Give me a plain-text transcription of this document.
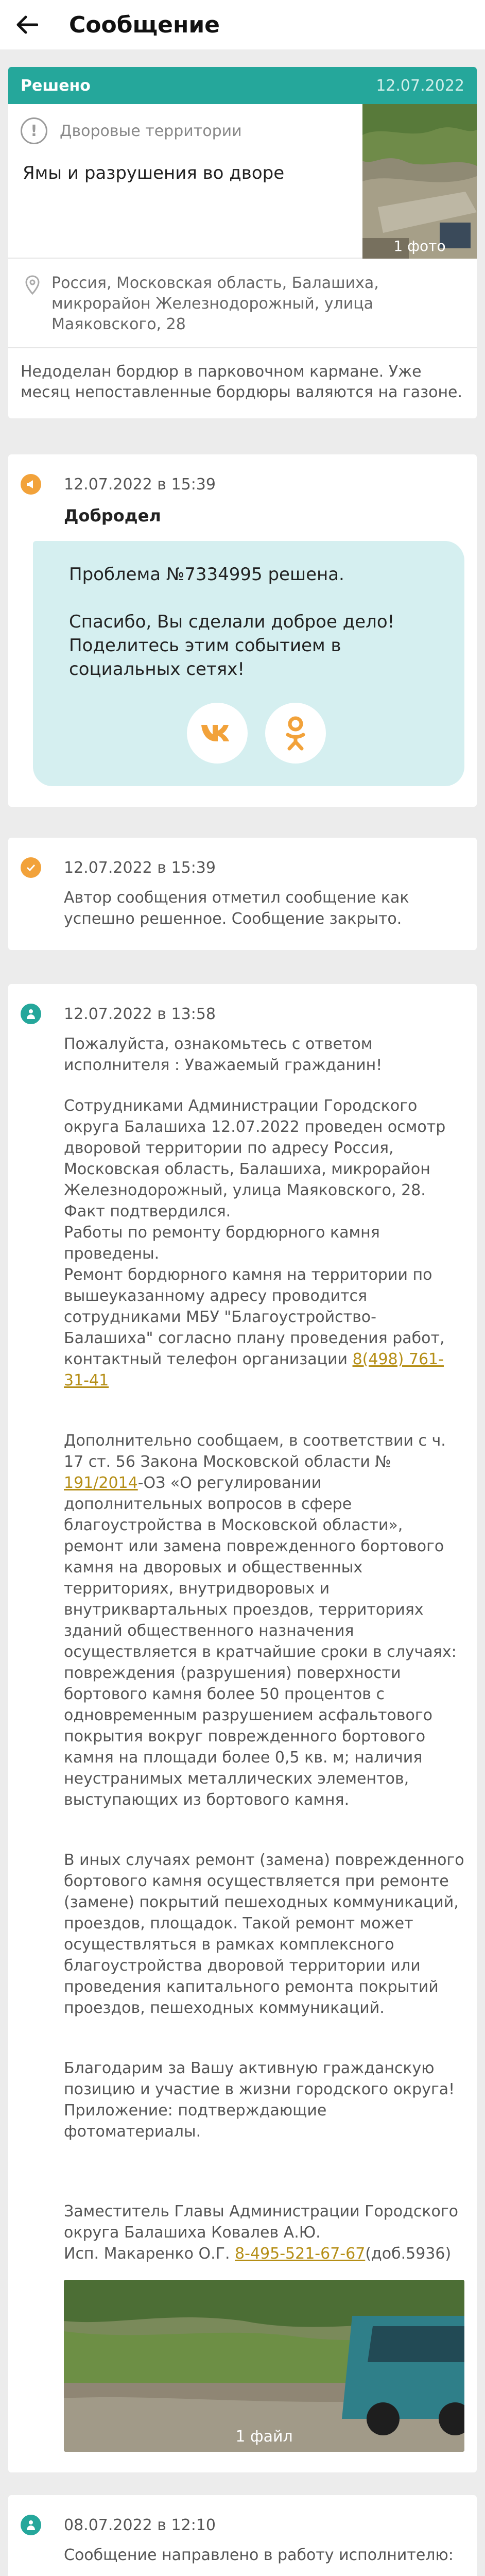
Сообщение
Решено	12.07.2022
!	Дворовые территории
Ямы и разрушения во дворе
1 фото
Россия, Московская область, Балашиха, микрорайон Железнодорожный, улица Маяковского, 28
Недоделан бордюр в парковочном кармане. Уже месяц непоставленные бордюры валяются на газоне.
12.07.2022 в 15:39
Добродел
Проблема №7334995 решена.
Спасибо, Вы сделали доброе дело! Поделитесь этим событием в социальных сетях!
12.07.2022 в 15:39
Автор сообщения отметил сообщение как успешно решенное. Сообщение закрыто.
12.07.2022 в 13:58

Пожалуйста, ознакомьтесь с ответом исполнителя : Уважаемый гражданин!

Сотрудниками Администрации Городского округа Балашиха 12.07.2022 проведен осмотр дворовой территории по адресу Россия, Московская область, Балашиха, микрорайон Железнодорожный, улица Маяковского, 28. Факт подтвердился.

Работы по ремонту бордюрного камня проведены.

Ремонт бордюрного камня на территории по вышеуказанному адресу проводится сотрудниками МБУ "Благоустройство-Балашиха" согласно плану проведения работ, контактный телефон организации 8(498) 761-31-41

Дополнительно сообщаем, в соответствии с ч. 17 ст. 56 Закона Московской области № 191/2014-ОЗ «О регулировании дополнительных вопросов в сфере благоустройства в Московской области», ремонт или замена поврежденного бортового камня на дворовых и общественных территориях, внутридворовых и внутриквартальных проездов, территориях зданий общественного назначения осуществляется в кратчайшие сроки в случаях: повреждения (разрушения) поверхности бортового камня более 50 процентов с одновременным разрушением асфальтового покрытия вокруг поврежденного бортового камня на площади более 0,5 кв. м; наличия неустранимых металлических элементов, выступающих из бортового камня.

В иных случаях ремонт (замена) поврежденного бортового камня осуществляется при ремонте (замене) покрытий пешеходных коммуникаций, проездов, площадок. Такой ремонт может осуществляться в рамках комплексного благоустройства дворовой территории или проведения капитального ремонта покрытий проездов, пешеходных коммуникаций.

Благодарим за Вашу активную гражданскую позицию и участие в жизни городского округа! Приложение: подтверждающие фотоматериалы.

Заместитель Главы Администрации Городского округа Балашиха Ковалев А.Ю.

Исп. Макаренко О.Г. 8-495-521-67-67(доб.5936)

1 файл
08.07.2022 в 12:10

Сообщение направлено в работу исполнителю:
